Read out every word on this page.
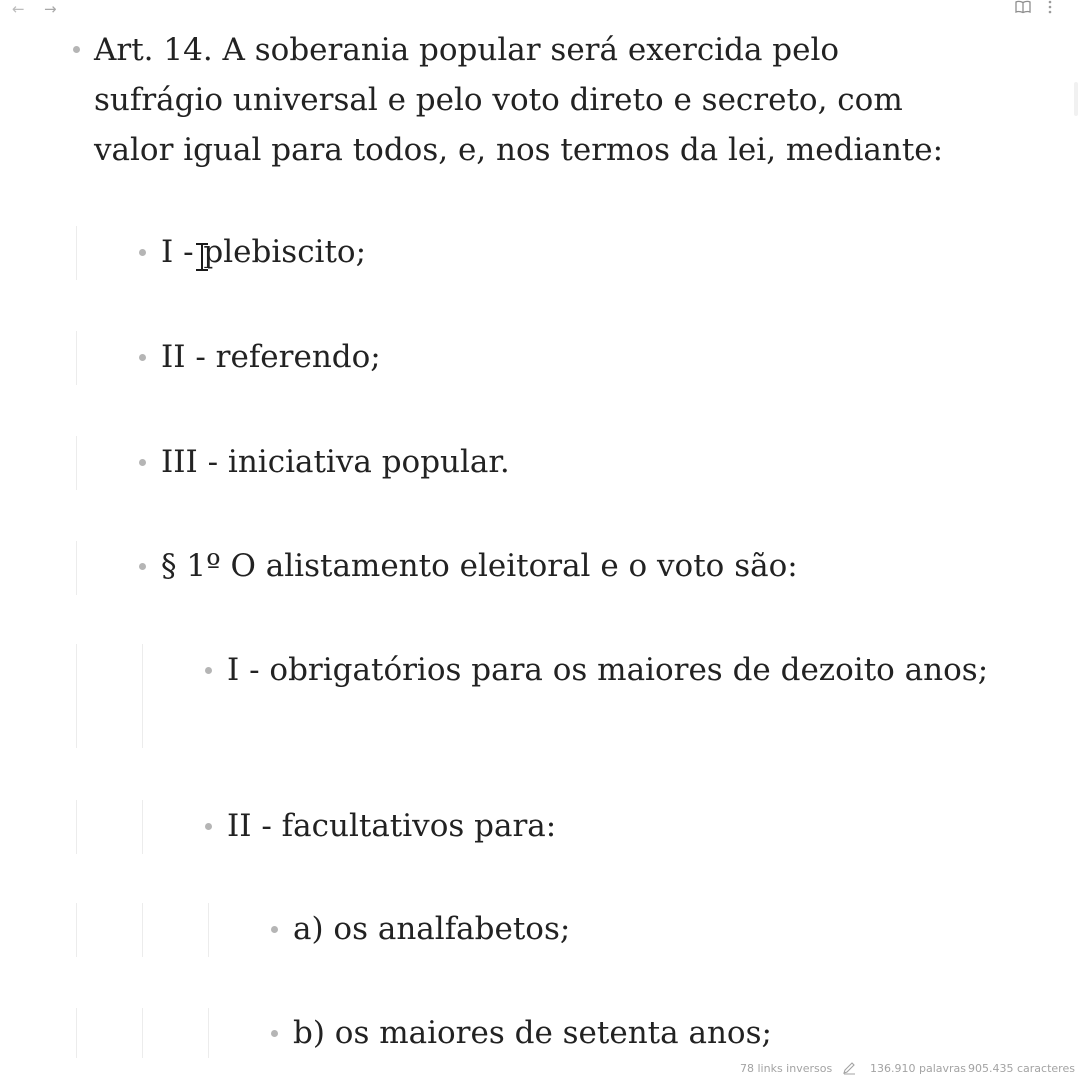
← →
Art. 14. A soberania popular será exercida pelo sufrágio universal e pelo voto direto e secreto, com valor igual para todos, e, nos termos da lei, mediante:
I - plebiscito;
II - referendo;
III - iniciativa popular.
§ 1º O alistamento eleitoral e o voto são:
I - obrigatórios para os maiores de dezoito anos;
II - facultativos para:
a) os analfabetos;
b) os maiores de setenta anos;
78 links inversos	136.910 palavras 905.435 caracteres
